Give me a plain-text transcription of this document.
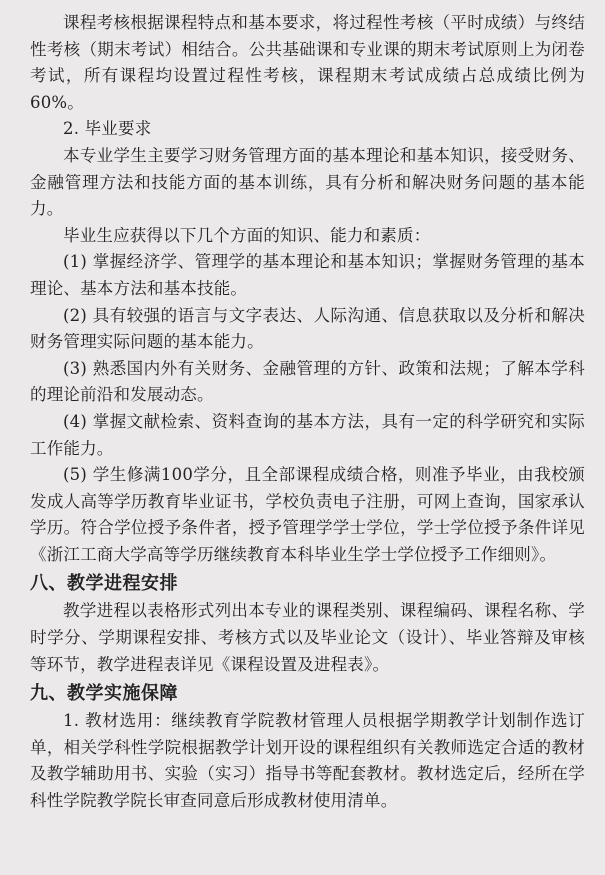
课程考核根据课程特点和基本要求，将过程性考核（平时成绩）与终结性考核（期末考试）相结合。公共基础课和专业课的期末考试原则上为闭卷考试，所有课程均设置过程性考核，课程期末考试成绩占总成绩比例为60%。

2. 毕业要求

本专业学生主要学习财务管理方面的基本理论和基本知识，接受财务、金融管理方法和技能方面的基本训练，具有分析和解决财务问题的基本能力。

毕业生应获得以下几个方面的知识、能力和素质：

(1) 掌握经济学、管理学的基本理论和基本知识；掌握财务管理的基本理论、基本方法和基本技能。

(2) 具有较强的语言与文字表达、人际沟通、信息获取以及分析和解决财务管理实际问题的基本能力。

(3) 熟悉国内外有关财务、金融管理的方针、政策和法规；了解本学科的理论前沿和发展动态。

(4) 掌握文献检索、资料查询的基本方法，具有一定的科学研究和实际工作能力。

(5) 学生修满100学分，且全部课程成绩合格，则准予毕业，由我校颁发成人高等学历教育毕业证书，学校负责电子注册，可网上查询，国家承认学历。符合学位授予条件者，授予管理学学士学位，学士学位授予条件详见《浙江工商大学高等学历继续教育本科毕业生学士学位授予工作细则》。

八、教学进程安排

教学进程以表格形式列出本专业的课程类别、课程编码、课程名称、学时学分、学期课程安排、考核方式以及毕业论文（设计）、毕业答辩及审核等环节，教学进程表详见《课程设置及进程表》。

九、教学实施保障

1. 教材选用：继续教育学院教材管理人员根据学期教学计划制作选订单，相关学科性学院根据教学计划开设的课程组织有关教师选定合适的教材及教学辅助用书、实验（实习）指导书等配套教材。教材选定后，经所在学科性学院教学院长审查同意后形成教材使用清单。
